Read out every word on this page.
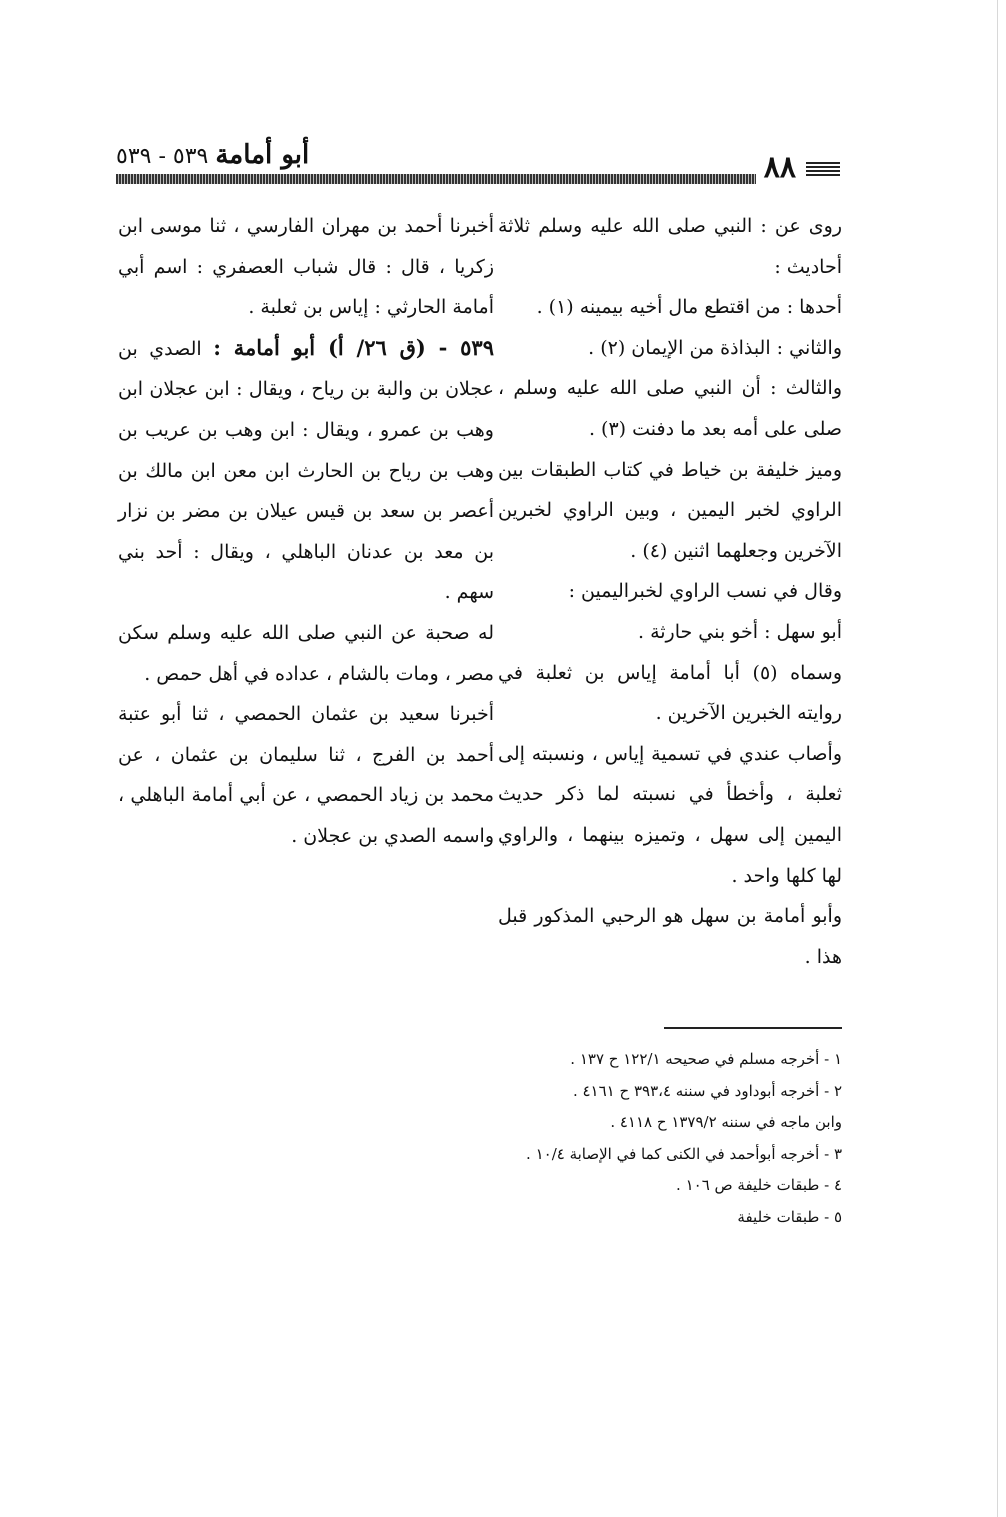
٨٨
أبو أمامة ٥٣٩ - ٥٣٩

روى عن : النبي صلى الله عليه وسلم ثلاثة أحاديث :

أحدها : من اقتطع مال أخيه بيمينه (١) .

والثاني : البذاذة من الإيمان (٢) .

والثالث : أن النبي صلى الله عليه وسلم ، صلى على أمه بعد ما دفنت (٣) .

وميز خليفة بن خياط في كتاب الطبقات بين الراوي لخبر اليمين ، وبين الراوي لخبرين الآخرين وجعلهما اثنين (٤) .

وقال في نسب الراوي لخبراليمين :

أبو سهل : أخو بني حارثة .

وسماه (٥) أبا أمامة إياس بن ثعلبة في روايته الخبرين الآخرين .

وأصاب عندي في تسمية إياس ، ونسبته إلى ثعلبة ، وأخطأ في نسبته لما ذكر حديث اليمين إلى سهل ، وتميزه بينهما ، والراوي لها كلها واحد .

وأبو أمامة بن سهل هو الرحبي المذكور قبل هذا .

أخبرنا أحمد بن مهران الفارسي ، ثنا موسى ابن زكريا ، قال : قال شباب العصفري : اسم أبي أمامة الحارثي : إياس بن ثعلبة .

٥٣٩ - (ق ٢٦/ أ) أبو أمامة : الصدي بن عجلان بن والبة بن رياح ، ويقال : ابن عجلان ابن وهب بن عمرو ، ويقال : ابن وهب بن عريب بن وهب بن رياح بن الحارث ابن معن ابن مالك بن أعصر بن سعد بن قيس عيلان بن مضر بن نزار بن معد بن عدنان الباهلي ، ويقال : أحد بني سهم .

له صحبة عن النبي صلى الله عليه وسلم سكن مصر ، ومات بالشام ، عداده في أهل حمص .

أخبرنا سعيد بن عثمان الحمصي ، ثنا أبو عتبة أحمد بن الفرج ، ثنا سليمان بن عثمان ، عن محمد بن زياد الحمصي ، عن أبي أمامة الباهلي ، واسمه الصدي بن عجلان .

١ - أخرجه مسلم في صحيحه ١٢٢/١ ح ١٣٧ .

٢ - أخرجه أبوداود في سننه ٣٩٣،٤ ح ٤١٦١ .

وابن ماجه في سننه ١٣٧٩/٢ ح ٤١١٨ .

٣ - أخرجه أبوأحمد في الكنى كما في الإصابة ١٠/٤ .

٤ - طبقات خليفة ص ١٠٦ .

٥ - طبقات خليفة
